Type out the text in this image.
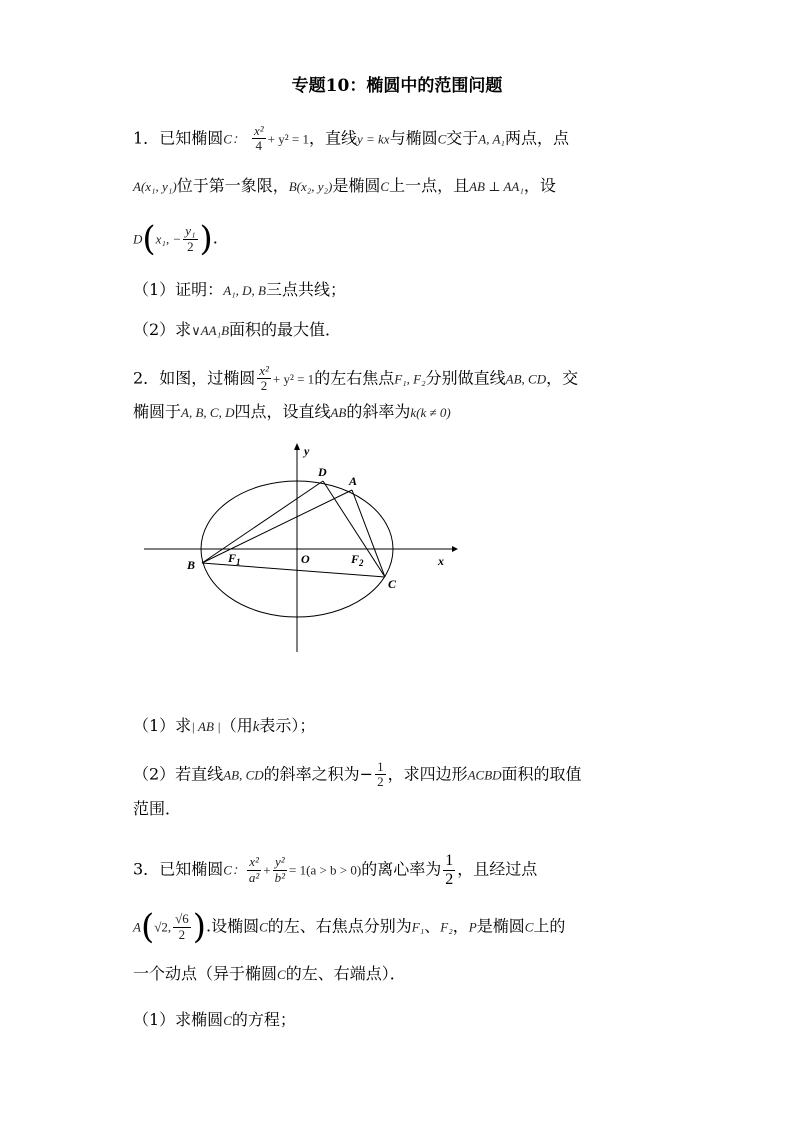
专题10：椭圆中的范围问题
1．已知椭圆C： $\frac{\text{x²}}{4} + y^2 = 1$，直线y = kx与椭圆C交于A, A₁两点，点
A(x₁, y₁)位于第一象限，B(x₂, y₂)是椭圆C上一点，且AB ⊥ AA₁，设
D(x₁, − $\frac{\text{y₁}}{2}$ ).
（1）证明：A₁, D, B三点共线；
（2）求∨AA₁B面积的最大值．
2．如图，过椭圆 $\frac{\text{x²}}{2} + y^2 = 1$的左右焦点F₁, F₂分别做直线AB, CD，交
椭圆于A, B, C, D四点，设直线AB的斜率为k(k ≠ 0)
y
x
O
D
A
B
C
$F_1$	$F_2$
（1）求| AB |（用k表示）；
（2）若直线AB, CD的斜率之积为− $\frac{1}{2}$ ，求四边形ACBD面积的取值
范围．
3．已知椭圆C： $\frac{\text{x²}}{\text{a²}} + \frac{\text{y²}}{\text{b²}} = 1(a > b > 0)$的离心率为 $\frac{1}{2}$ ，且经过点
A(√2, $\frac{√6}{2}$ ).设椭圆C的左、右焦点分别为F₁、F₂，P是椭圆C上的
一个动点（异于椭圆C的左、右端点）．
（1）求椭圆C的方程；
